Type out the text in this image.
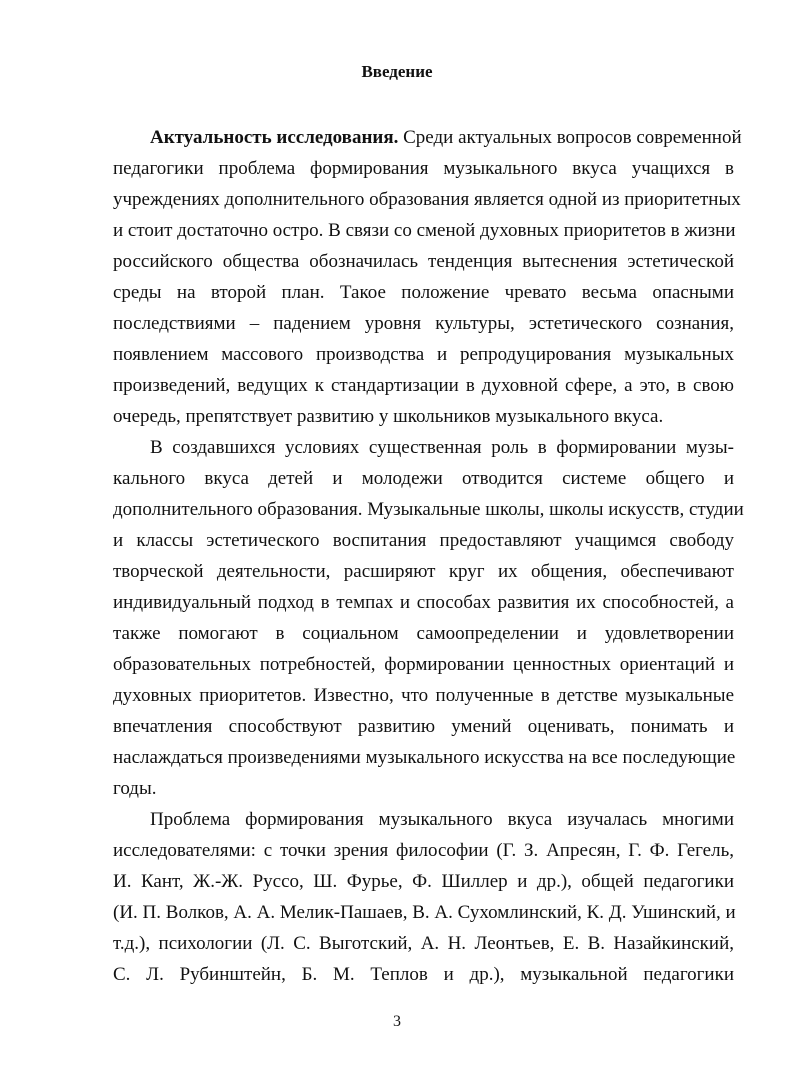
Введение
Актуальность исследования. Среди актуальных вопросов современной
педагогики проблема формирования музыкального вкуса учащихся в
учреждениях дополнительного образования является одной из приоритетных
и стоит достаточно остро. В связи со сменой духовных приоритетов в жизни
российского общества обозначилась тенденция вытеснения эстетической
среды на второй план. Такое положение чревато весьма опасными
последствиями – падением уровня культуры, эстетического сознания,
появлением массового производства и репродуцирования музыкальных
произведений, ведущих к стандартизации в духовной сфере, а это, в свою
очередь, препятствует развитию у школьников музыкального вкуса.
В создавшихся условиях существенная роль в формировании музы-
кального вкуса детей и молодежи отводится системе общего и
дополнительного образования. Музыкальные школы, школы искусств, студии
и классы эстетического воспитания предоставляют учащимся свободу
творческой деятельности, расширяют круг их общения, обеспечивают
индивидуальный подход в темпах и способах развития их способностей, а
также помогают в социальном самоопределении и удовлетворении
образовательных потребностей, формировании ценностных ориентаций и
духовных приоритетов. Известно, что полученные в детстве музыкальные
впечатления способствуют развитию умений оценивать, понимать и
наслаждаться произведениями музыкального искусства на все последующие
годы.
Проблема формирования музыкального вкуса изучалась многими
исследователями: с точки зрения философии (Г. З. Апресян, Г. Ф. Гегель,
И. Кант, Ж.-Ж. Руссо, Ш. Фурье, Ф. Шиллер и др.), общей педагогики
(И. П. Волков, А. А. Мелик-Пашаев, В. А. Сухомлинский, К. Д. Ушинский, и
т.д.), психологии (Л. С. Выготский, А. Н. Леонтьев, Е. В. Назайкинский,
С. Л. Рубинштейн, Б. М. Теплов и др.), музыкальной педагогики
3
